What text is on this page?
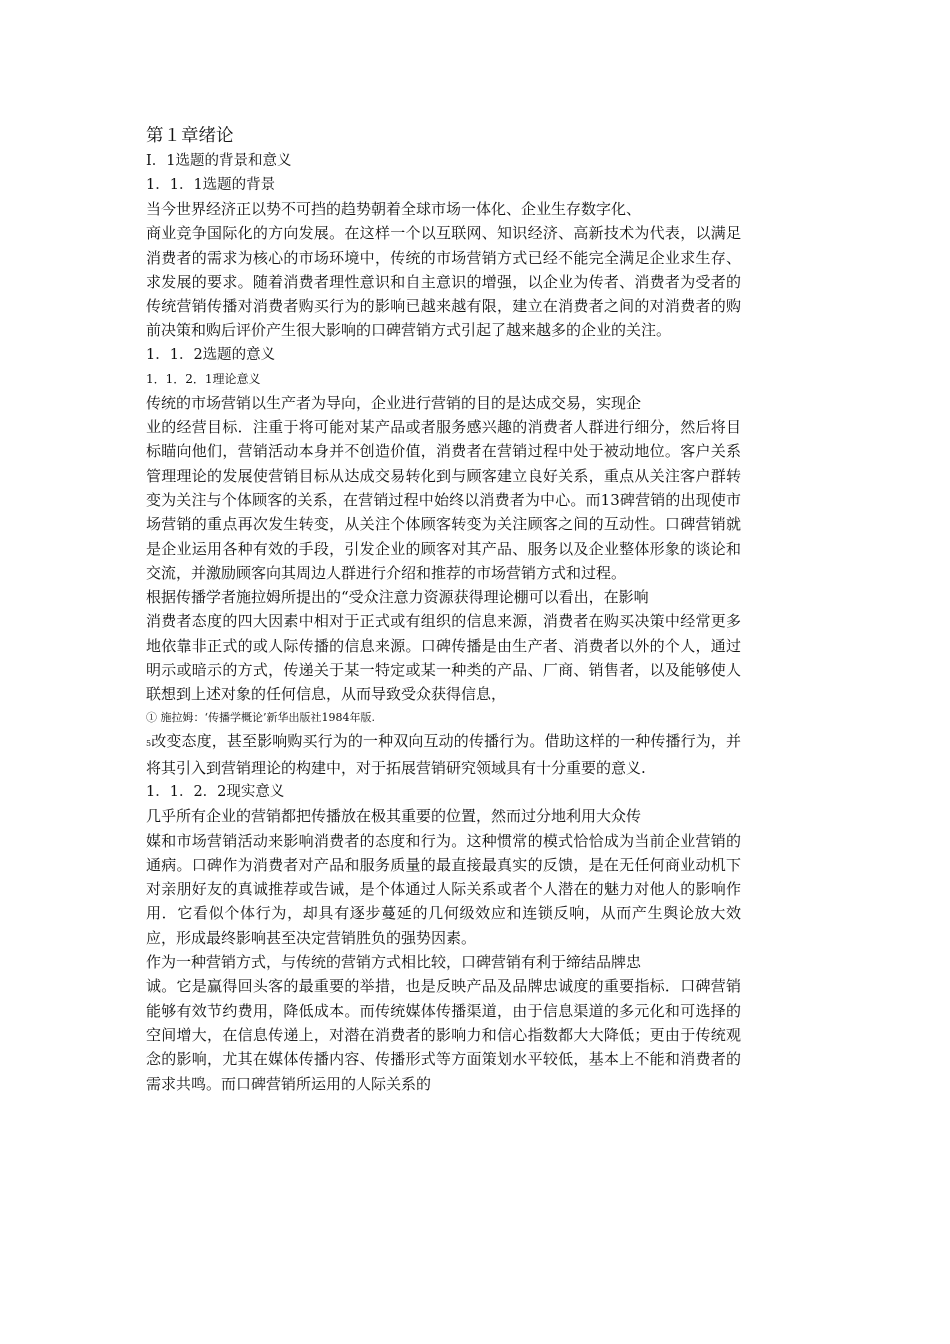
第１章绪论
I．1选题的背景和意义
1．1．1选题的背景
当今世界经济正以势不可挡的趋势朝着全球市场一体化、企业生存数字化、
商业竞争国际化的方向发展。在这样一个以互联网、知识经济、高新技术为代表，以满足消费者的需求为核心的市场环境中，传统的市场营销方式已经不能完全满足企业求生存、求发展的要求。随着消费者理性意识和自主意识的增强，以企业为传者、消费者为受者的传统营销传播对消费者购买行为的影响已越来越有限，建立在消费者之间的对消费者的购前决策和购后评价产生很大影响的口碑营销方式引起了越来越多的企业的关注。
1．1．2选题的意义
1．1．2．1理论意义
传统的市场营销以生产者为导向，企业进行营销的目的是达成交易，实现企
业的经营目标．注重于将可能对某产品或者服务感兴趣的消费者人群进行细分，然后将目标瞄向他们，营销活动本身并不创造价值，消费者在营销过程中处于被动地位。客户关系管理理论的发展使营销目标从达成交易转化到与顾客建立良好关系，重点从关注客户群转变为关注与个体顾客的关系，在营销过程中始终以消费者为中心。而13碑营销的出现使市场营销的重点再次发生转变，从关注个体顾客转变为关注顾客之间的互动性。口碑营销就是企业运用各种有效的手段，引发企业的顾客对其产品、服务以及企业整体形象的谈论和交流，并激励顾客向其周边人群进行介绍和推荐的市场营销方式和过程。
根据传播学者施拉姆所提出的“受众注意力资源获得理论棚可以看出，在影响
消费者态度的四大因素中相对于正式或有组织的信息来源，消费者在购买决策中经常更多地依靠非正式的或人际传播的信息来源。口碑传播是由生产者、消费者以外的个人，通过明示或暗示的方式，传递关于某一特定或某一种类的产品、厂商、销售者，以及能够使人联想到上述对象的任何信息，从而导致受众获得信息，
① 施拉姆：‘传播学概论’新华出版社1984年版.
5改变态度，甚至影响购买行为的一种双向互动的传播行为。借助这样的一种传播行为，并将其引入到营销理论的构建中，对于拓展营销研究领域具有十分重要的意义.
1．1．2．2现实意义
几乎所有企业的营销都把传播放在极其重要的位置，然而过分地利用大众传
媒和市场营销活动来影响消费者的态度和行为。这种惯常的模式恰恰成为当前企业营销的通病。口碑作为消费者对产品和服务质量的最直接最真实的反馈，是在无任何商业动机下对亲朋好友的真诚推荐或告诫，是个体通过人际关系或者个人潜在的魅力对他人的影响作用．它看似个体行为，却具有逐步蔓延的几何级效应和连锁反响，从而产生舆论放大效应，形成最终影响甚至决定营销胜负的强势因素。
作为一种营销方式，与传统的营销方式相比较，口碑营销有利于缔结品牌忠
诚。它是赢得回头客的最重要的举措，也是反映产品及品牌忠诚度的重要指标．口碑营销能够有效节约费用，降低成本。而传统媒体传播渠道，由于信息渠道的多元化和可选择的空间增大，在信息传递上，对潜在消费者的影响力和信心指数都大大降低；更由于传统观念的影响，尤其在媒体传播内容、传播形式等方面策划水平较低，基本上不能和消费者的需求共鸣。而口碑营销所运用的人际关系的
